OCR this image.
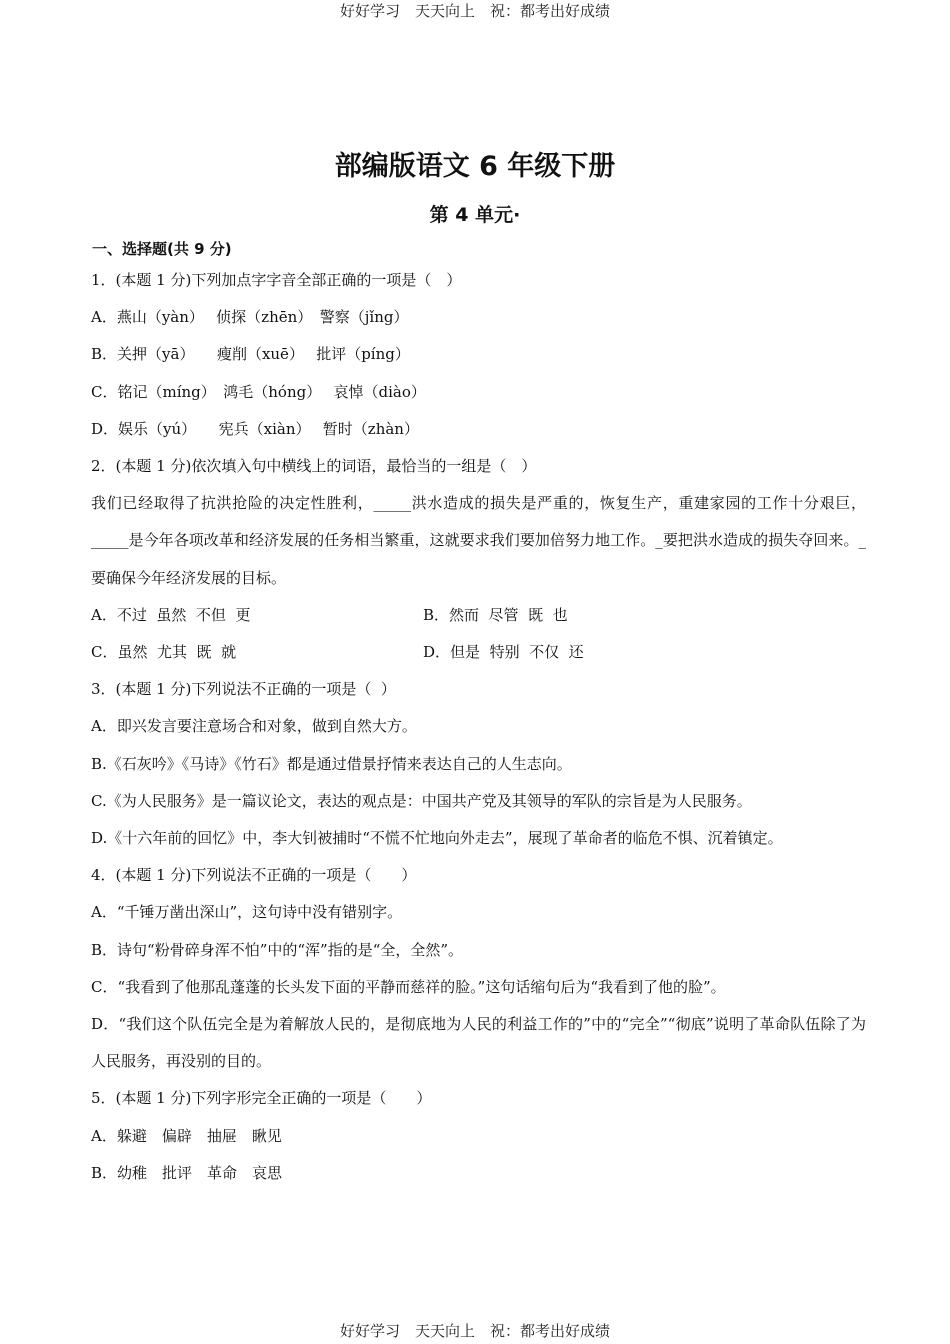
好好学习　天天向上　祝：都考出好成绩
部编版语文 6 年级下册
第 4 单元·
一、选择题(共 9 分)
1．(本题 1 分)下列加点字字音全部正确的一项是（　）
A．燕山（yàn）　 侦探（zhēn）　警察（jǐng）
B．关押（yā）　　瘦削（xuē）　 批评（píng）
C．铭记（míng）　鸿毛（hóng）　 哀悼（diào）
D．娱乐（yú）　　宪兵（xiàn）　 暂时（zhàn）
2．(本题 1 分)依次填入句中横线上的词语，最恰当的一组是（　）
我们已经取得了抗洪抢险的决定性胜利，_____洪水造成的损失是严重的，恢复生产，重建家园的工作十分艰巨，_____是今年各项改革和经济发展的任务相当繁重，这就要求我们要加倍努力地工作。_要把洪水造成的损失夺回来。_要确保今年经济发展的目标。
A．不过  虽然  不但  更	B．然而  尽管  既  也
C．虽然  尤其  既  就	D．但是  特别  不仅  还
3．(本题 1 分)下列说法不正确的一项是（  ）
A．即兴发言要注意场合和对象，做到自然大方。
B.《石灰吟》《马诗》《竹石》都是通过借景抒情来表达自己的人生志向。
C.《为人民服务》是一篇议论文，表达的观点是：中国共产党及其领导的军队的宗旨是为人民服务。
D.《十六年前的回忆》中，李大钊被捕时“不慌不忙地向外走去”，展现了革命者的临危不惧、沉着镇定。
4．(本题 1 分)下列说法不正确的一项是（　　）
A．“千锤万凿出深山”，这句诗中没有错别字。
B．诗句“粉骨碎身浑不怕”中的“浑”指的是“全，全然”。
C．“我看到了他那乱蓬蓬的长头发下面的平静而慈祥的脸。”这句话缩句后为“我看到了他的脸”。
D．“我们这个队伍完全是为着解放人民的，是彻底地为人民的利益工作的”中的“完全”“彻底”说明了革命队伍除了为人民服务，再没别的目的。
5．(本题 1 分)下列字形完全正确的一项是（　　）
A．躲避　偏辟　抽屉　瞅见
B．幼稚　批评　革命　哀思
好好学习　天天向上　祝：都考出好成绩
